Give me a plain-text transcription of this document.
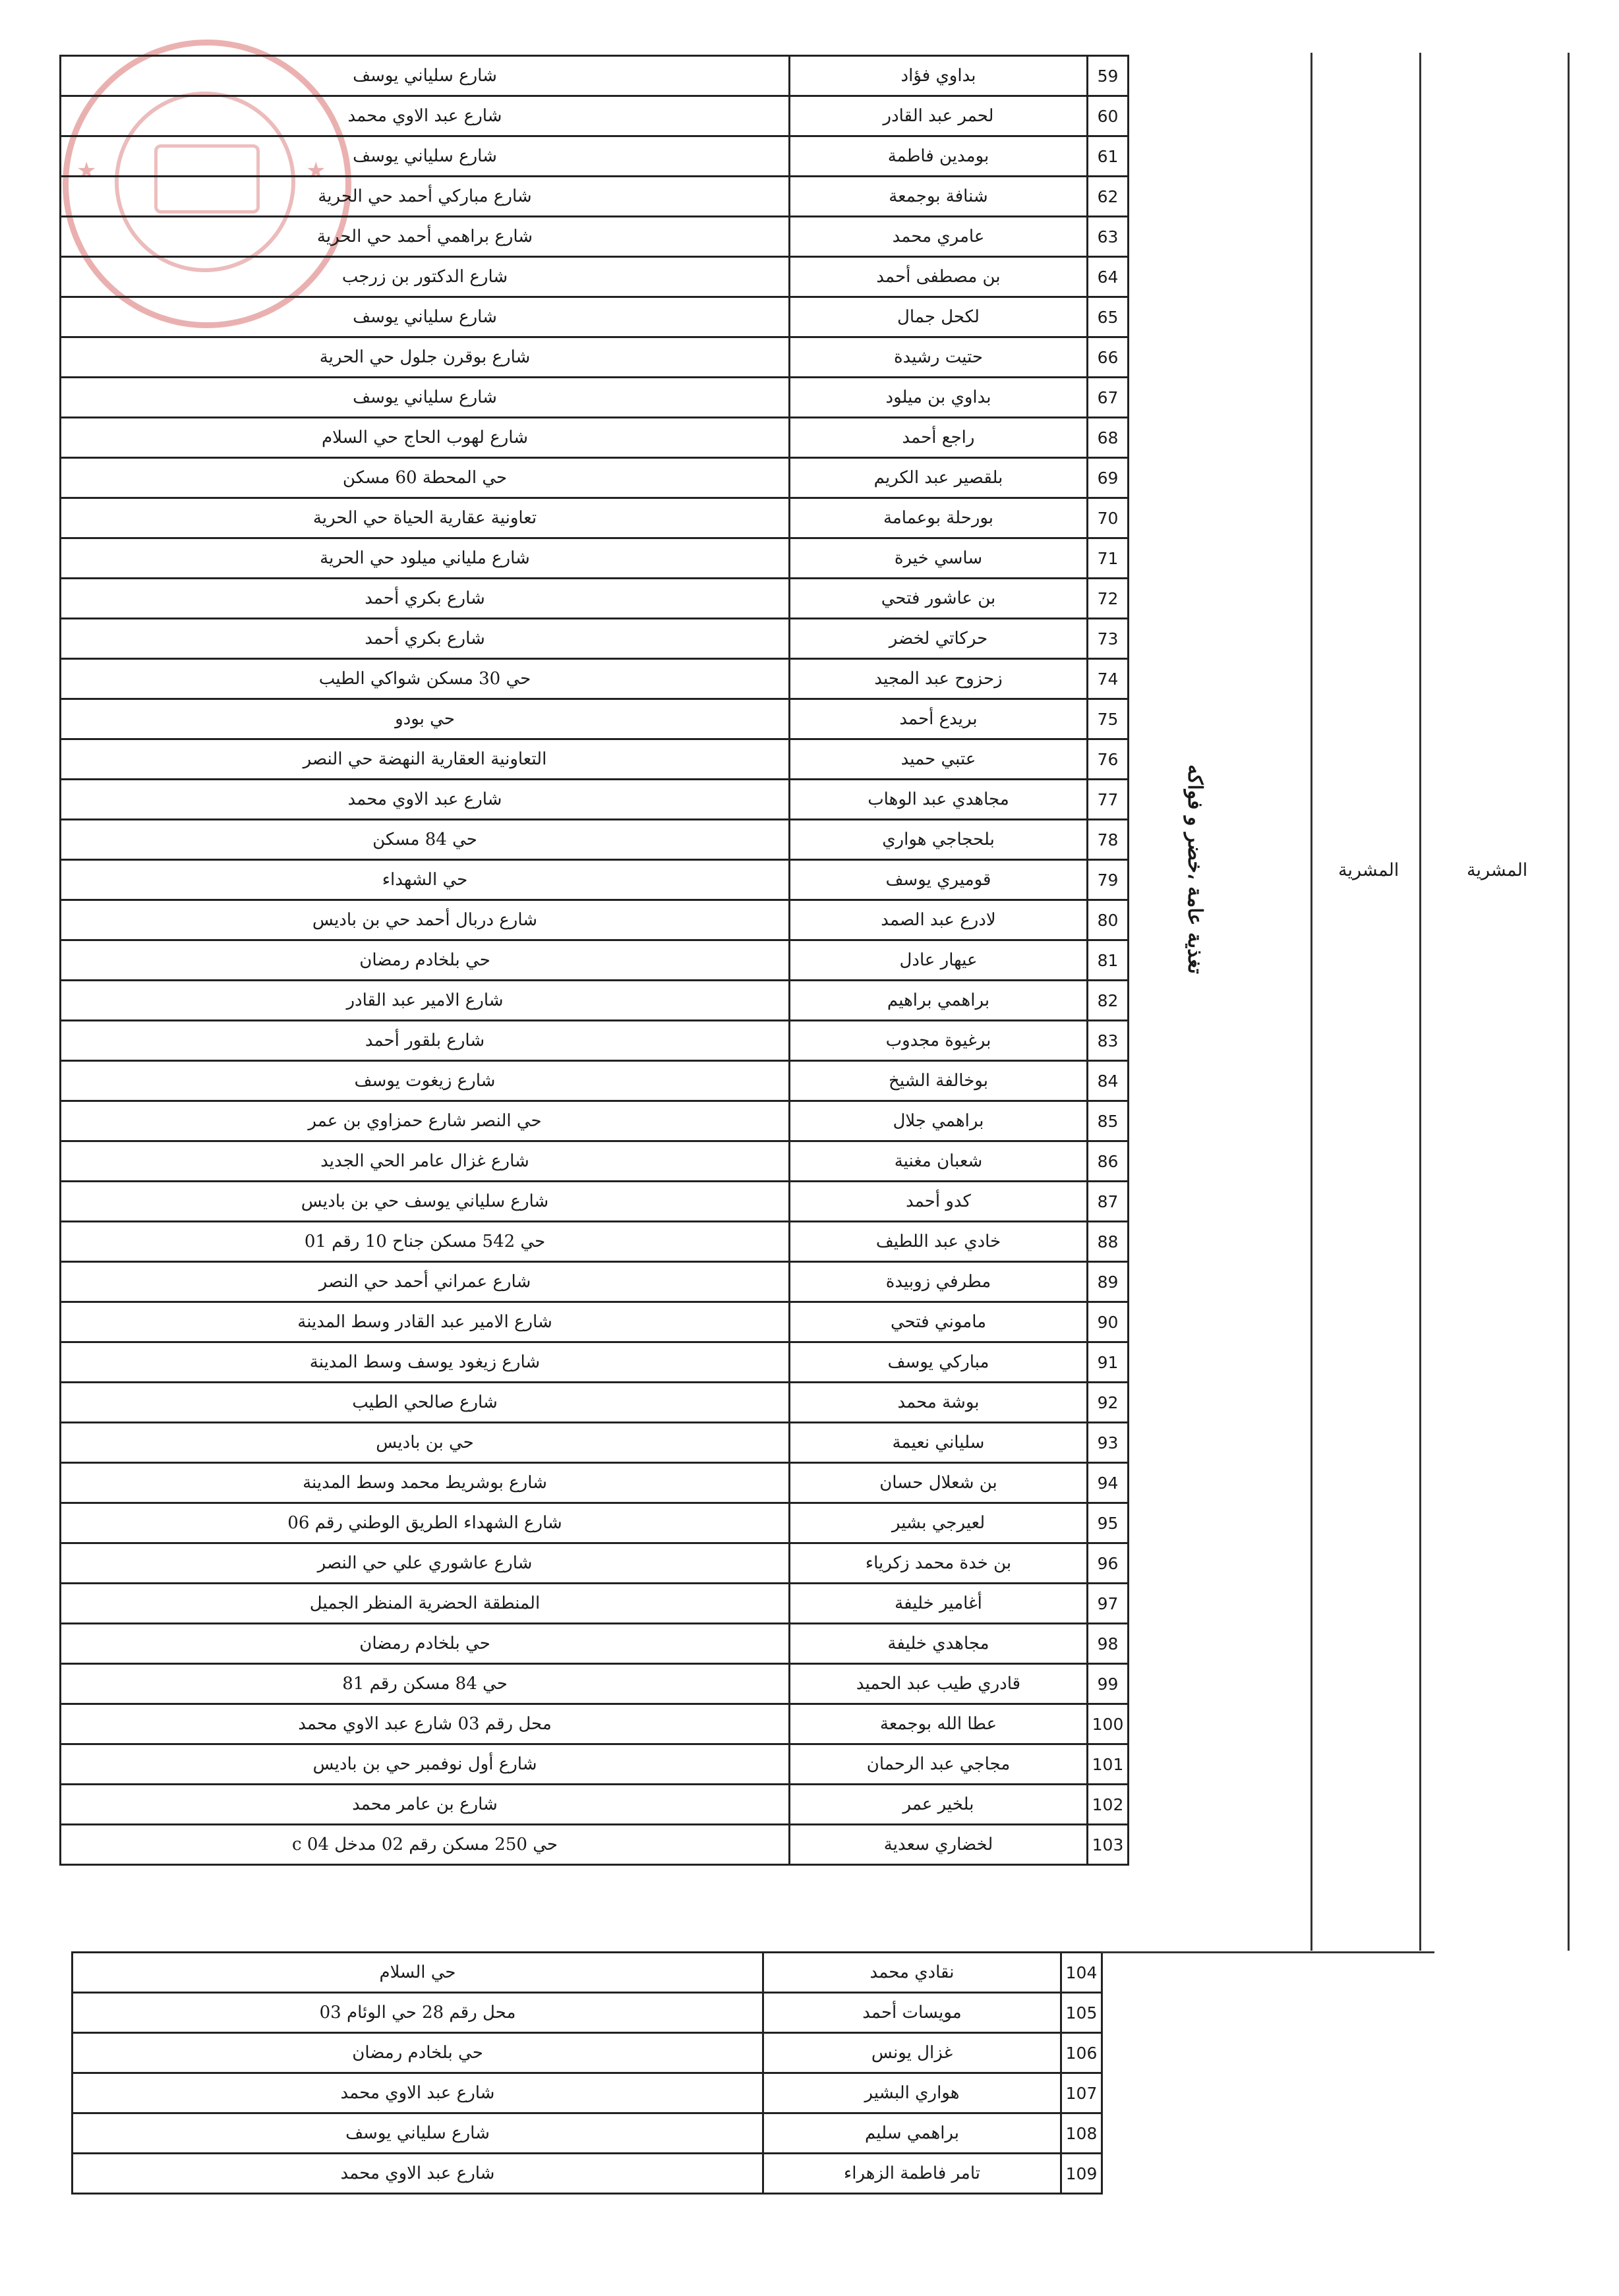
★	★
59	بداوي فؤاد	شارع سلياني يوسف
60	لحمر عبد القادر	شارع عبد الاوي محمد
61	بومدين فاطمة	شارع سلياني يوسف
62	شنافة بوجمعة	شارع مباركي أحمد حي الحرية
63	عامري محمد	شارع براهمي أحمد حي الحرية
64	بن مصطفى أحمد	شارع الدكتور بن زرجب
65	لكحل جمال	شارع سلياني يوسف
66	حتيت رشيدة	شارع بوقرن جلول حي الحرية
67	بداوي بن ميلود	شارع سلياني يوسف
68	راجع أحمد	شارع لهوب الحاج حي السلام
69	بلقصير عبد الكريم	حي المحطة 60 مسكن
70	بورحلة بوعمامة	تعاونية عقارية الحياة حي الحرية
71	ساسي خيرة	شارع ملياني ميلود حي الحرية
72	بن عاشور فتحي	شارع بكري أحمد
73	حركاتي لخضر	شارع بكري أحمد
74	زحزوح عبد المجيد	حي 30 مسكن شواكي الطيب
75	بريدع أحمد	حي بودو
76	عتبي حميد	التعاونية العقارية النهضة حي النصر
77	مجاهدي عبد الوهاب	شارع عبد الاوي محمد
78	بلحجاجي هواري	حي 84 مسكن
79	قوميري يوسف	حي الشهداء
80	لادرع عبد الصمد	شارع دربال أحمد حي بن باديس
81	عيهار عادل	حي بلخادم رمضان
82	براهمي براهيم	شارع الامير عبد القادر
83	برغيوة مجدوب	شارع بلقور أحمد
84	بوخالفة الشيخ	شارع زيغوت يوسف
85	براهمي جلال	حي النصر شارع حمزاوي بن عمر
86	شعبان مغنية	شارع غزال عامر الحي الجديد
87	كدو أحمد	شارع سلياني يوسف حي بن باديس
88	خادي عبد اللطيف	حي 542 مسكن جناح 10 رقم 01
89	مطرفي زوبيدة	شارع عمراني أحمد حي النصر
90	ماموني فتحي	شارع الامير عبد القادر وسط المدينة
91	مباركي يوسف	شارع زيغود يوسف وسط المدينة
92	بوشة محمد	شارع صالحي الطيب
93	سلياني نعيمة	حي بن باديس
94	بن شعلال حسان	شارع بوشريط محمد وسط المدينة
95	لعيرجي بشير	شارع الشهداء الطريق الوطني رقم 06
96	بن خدة محمد زكرياء	شارع عاشوري علي حي النصر
97	أغامير خليفة	المنطقة الحضرية المنظر الجميل
98	مجاهدي خليفة	حي بلخادم رمضان
99	قادري طيب عبد الحميد	حي 84 مسكن رقم 81
100	عطا الله بوجمعة	محل رقم 03 شارع عبد الاوي محمد
101	مجاجي عبد الرحمان	شارع أول نوفمبر حي بن باديس
102	بلخير عمر	شارع بن عامر محمد
103	لخضاري سعدية	حي 250 مسكن رقم 02 مدخل 04 c
104	نقادي محمد	حي السلام
105	مويسات أحمد	محل رقم 28 حي الوئام 03
106	غزال يونس	حي بلخادم رمضان
107	هواري البشير	شارع عبد الاوي محمد
108	براهمي سليم	شارع سلياني يوسف
109	تامر فاطمة الزهراء	شارع عبد الاوي محمد
تغذية عامة ،خضر و فواكه	المشرية	المشرية
